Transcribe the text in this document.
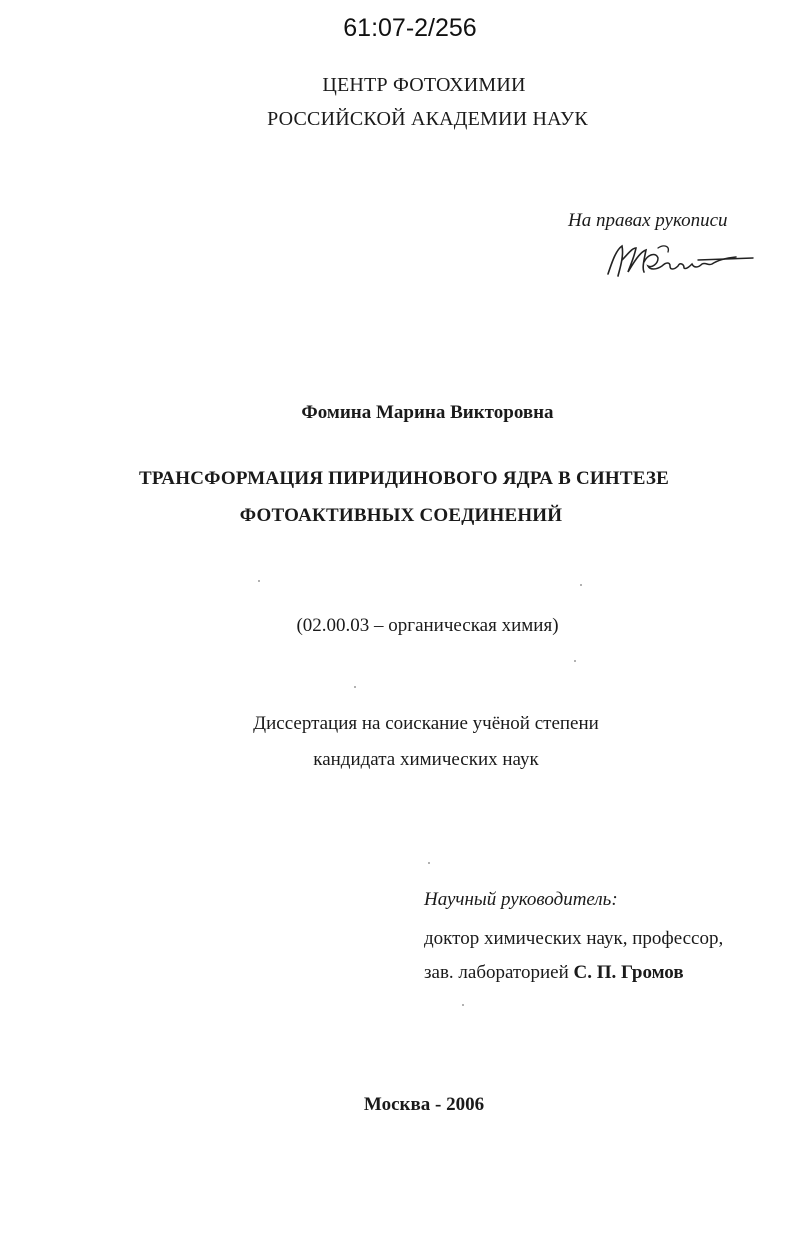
61:07-2/256
ЦЕНТР ФОТОХИМИИ
РОССИЙСКОЙ АКАДЕМИИ НАУК
На правах рукописи
Фомина Марина Викторовна
ТРАНСФОРМАЦИЯ ПИРИДИНОВОГО ЯДРА В СИНТЕЗЕ
ФОТОАКТИВНЫХ СОЕДИНЕНИЙ
(02.00.03 – органическая химия)
Диссертация на соискание учёной степени
кандидата химических наук
Научный руководитель:
доктор химических наук, профессор,
зав. лабораторией С. П. Громов
Москва - 2006
